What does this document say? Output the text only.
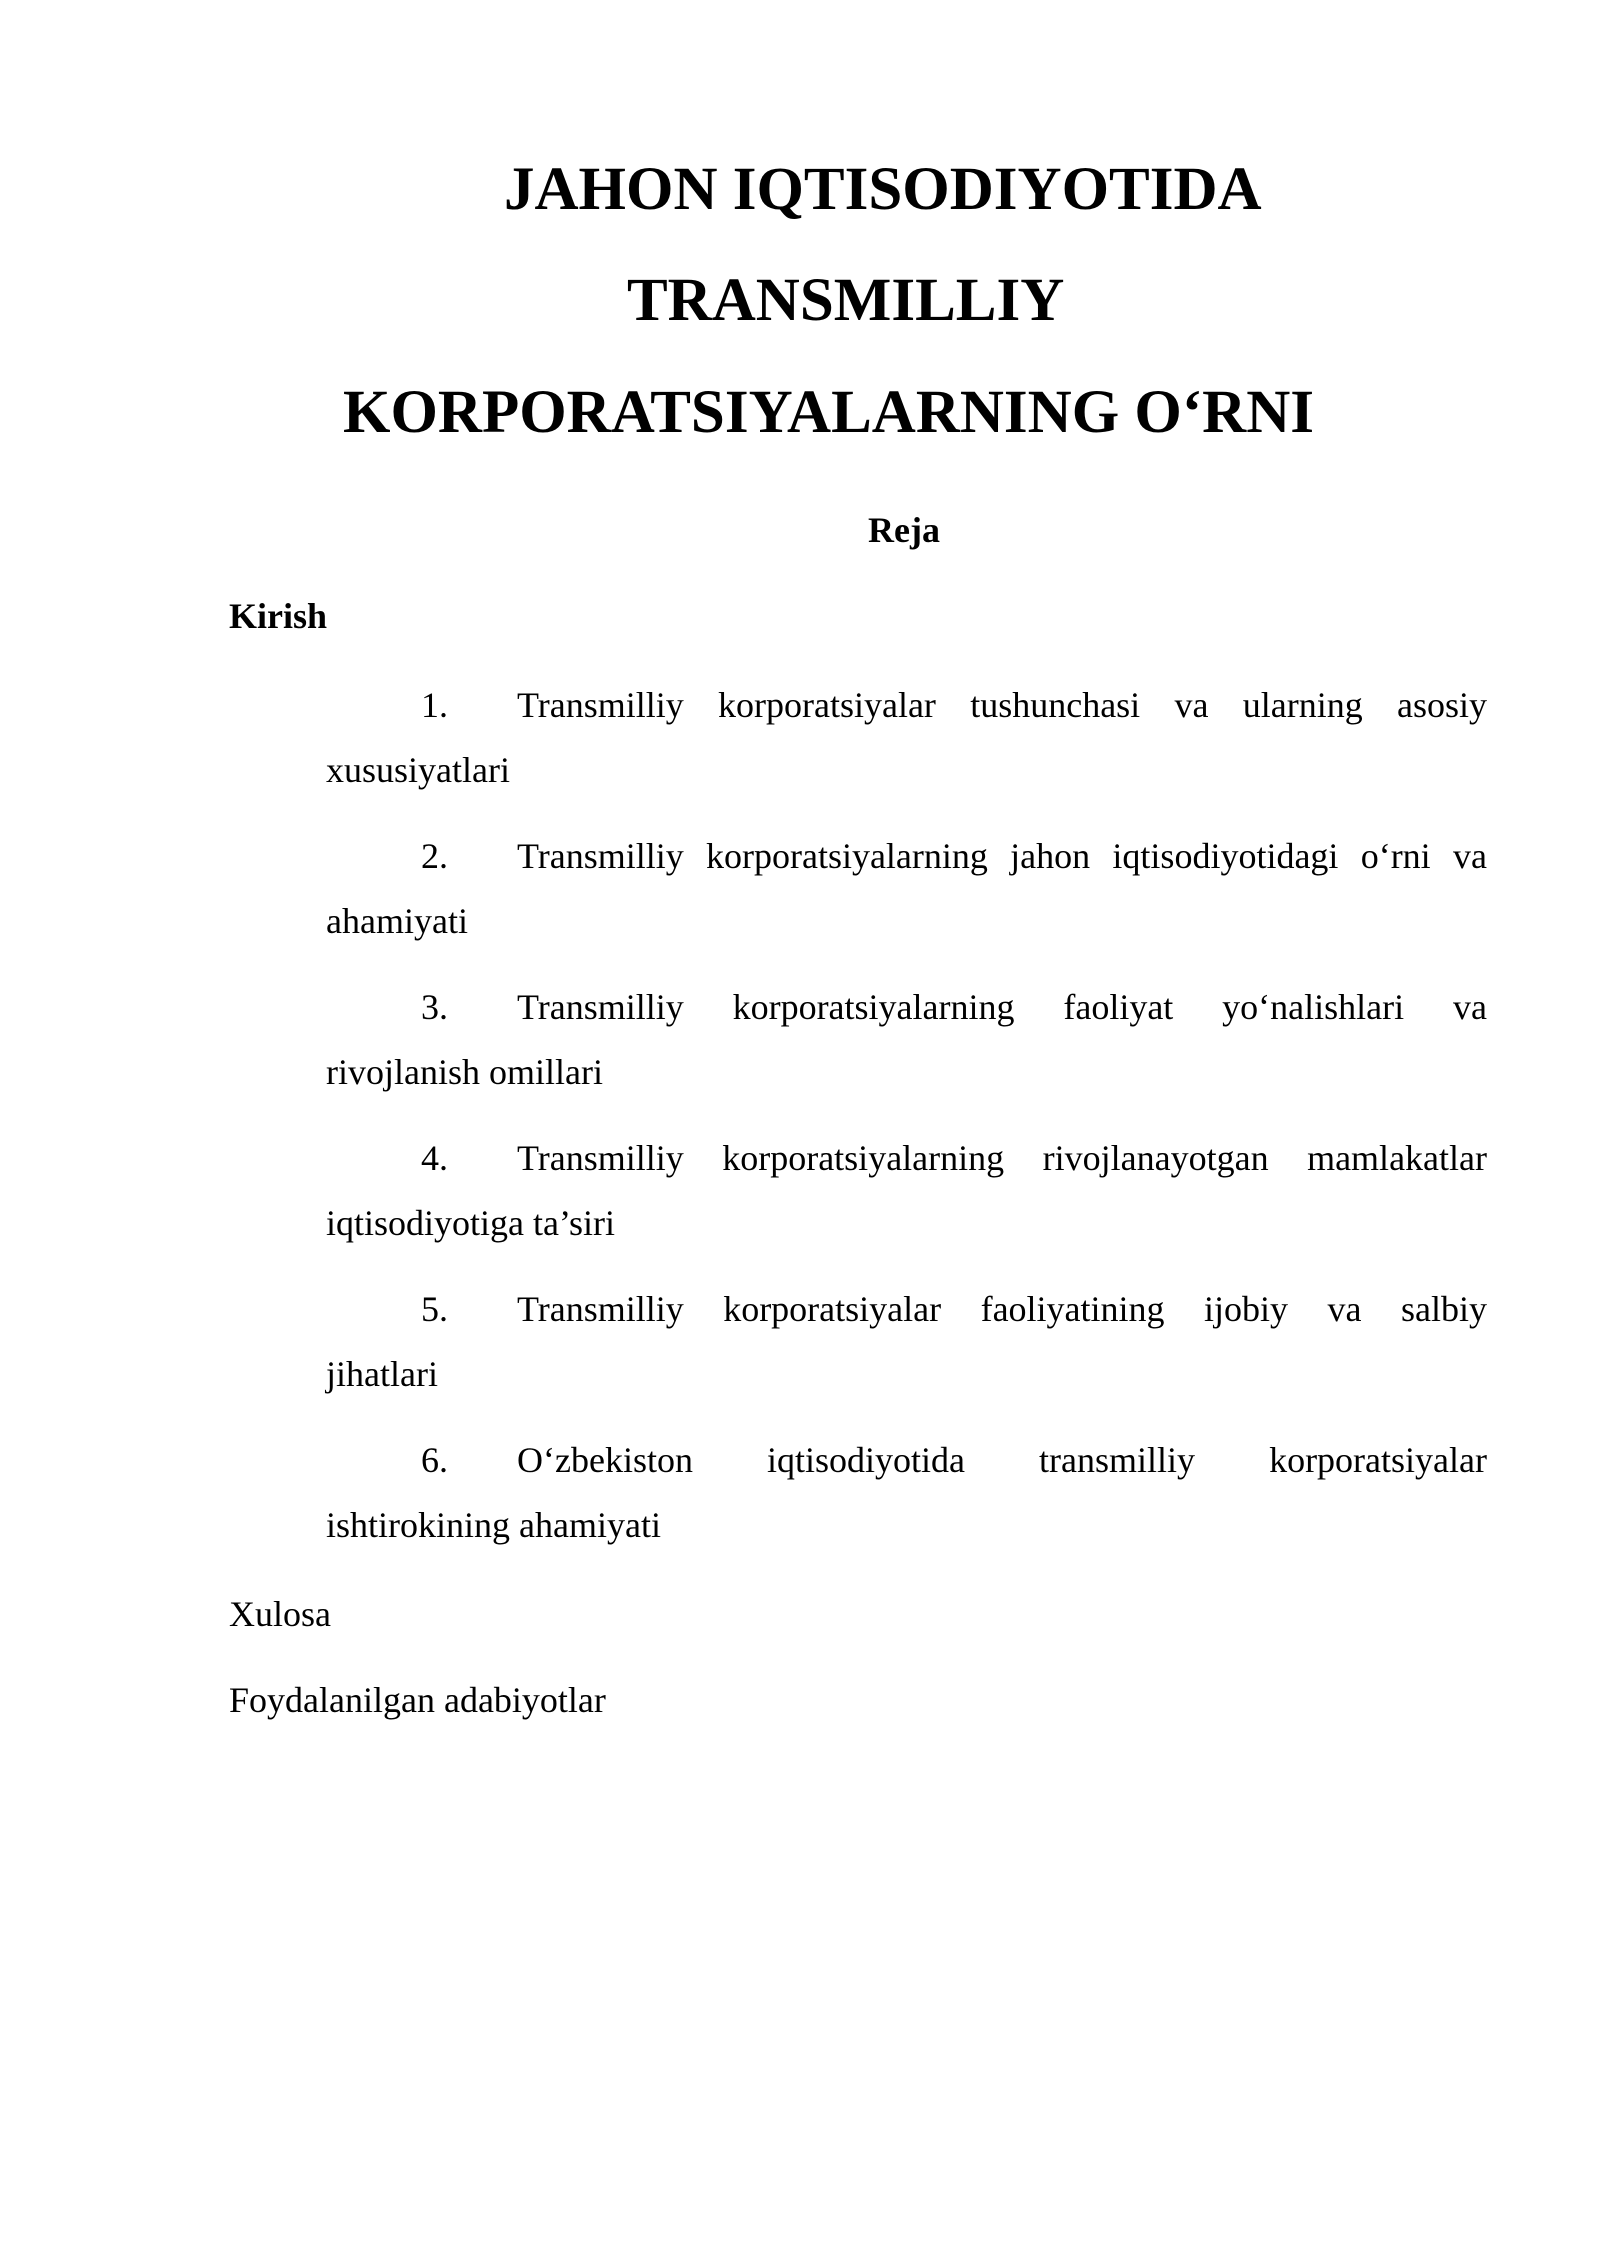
JAHON IQTISODIYOTIDA
TRANSMILLIY
KORPORATSIYALARNING O‘RNI
Reja
Kirish
1. Transmilliy korporatsiyalar tushunchasi va ularning asosiy
xususiyatlari
2. Transmilliy korporatsiyalarning jahon iqtisodiyotidagi o‘rni va
ahamiyati
3. Transmilliy korporatsiyalarning faoliyat yo‘nalishlari va
rivojlanish omillari
4. Transmilliy korporatsiyalarning rivojlanayotgan mamlakatlar
iqtisodiyotiga ta’siri
5. Transmilliy korporatsiyalar faoliyatining ijobiy va salbiy
jihatlari
6. O‘zbekiston iqtisodiyotida transmilliy korporatsiyalar
ishtirokining ahamiyati
Xulosa
Foydalanilgan adabiyotlar
